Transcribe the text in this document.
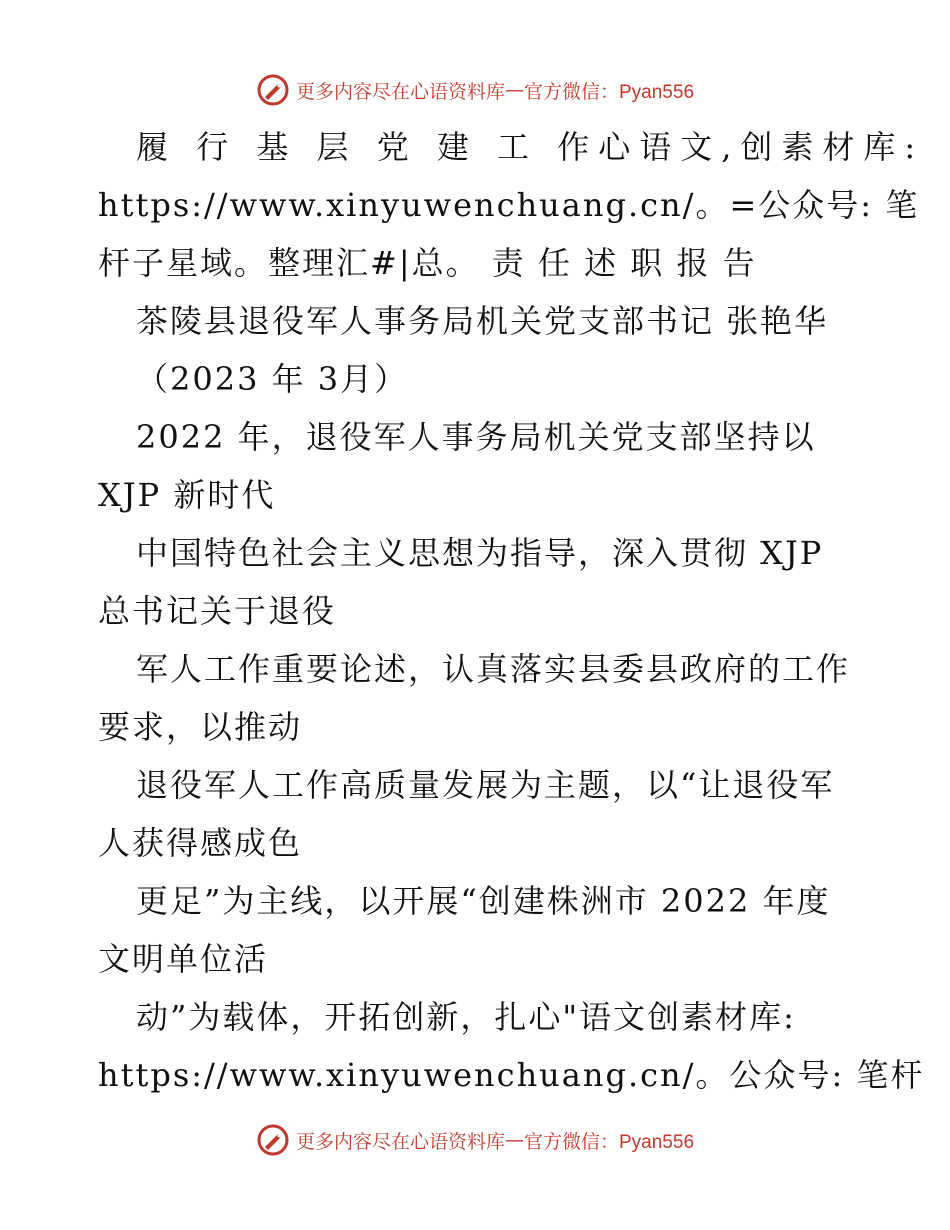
更多内容尽在心语资料库 — 官方微信：Pyan556
履 行 基 层 党 建 工 作心语文,创素材库:
https://www.xinyuwenchuang.cn/。=公众号: 笔
杆子星域。整理汇#|总。 责 任 述 职 报 告
茶陵县退役军人事务局机关党支部书记 张艳华
（2023 年 3月）
2022 年，退役军人事务局机关党支部坚持以
XJP 新时代
中国特色社会主义思想为指导，深入贯彻 XJP
总书记关于退役
军人工作重要论述，认真落实县委县政府的工作
要求，以推动
退役军人工作高质量发展为主题，以“让退役军
人获得感成色
更足”为主线，以开展“创建株洲市 2022 年度
文明单位活
动”为载体，开拓创新，扎心"语文创素材库:
https://www.xinyuwenchuang.cn/。公众号: 笔杆
更多内容尽在心语资料库 — 官方微信：Pyan556
